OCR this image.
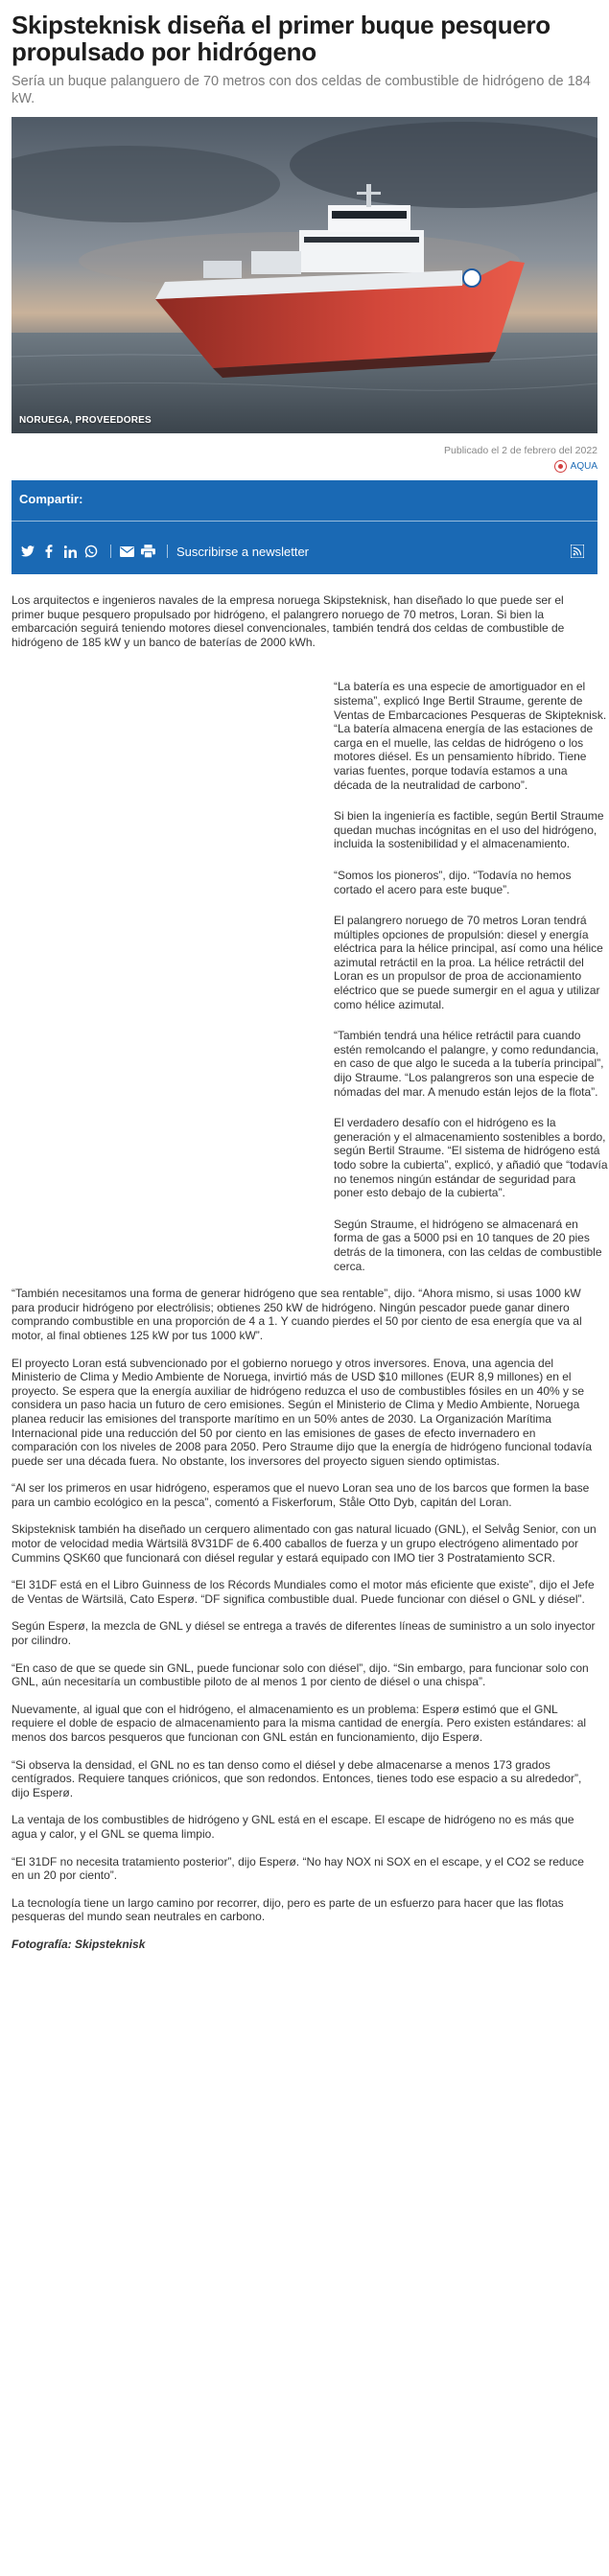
Skipsteknisk diseña el primer buque pesquero propulsado por hidrógeno

Sería un buque palanguero de 70 metros con dos celdas de combustible de hidrógeno de 184 kW.

NORUEGA, PROVEEDORES
Publicado el 2 de febrero del 2022
AQUA
Compartir:
Suscribirse a newsletter

Los arquitectos e ingenieros navales de la empresa noruega Skipsteknisk, han diseñado lo que puede ser el primer buque pesquero propulsado por hidrógeno, el palangrero noruego de 70 metros, Loran. Si bien la embarcación seguirá teniendo motores diesel convencionales, también tendrá dos celdas de combustible de hidrógeno de 185 kW y un banco de baterías de 2000 kWh.

“La batería es una especie de amortiguador en el sistema”, explicó Inge Bertil Straume, gerente de Ventas de Embarcaciones Pesqueras de Skipteknisk. “La batería almacena energía de las estaciones de carga en el muelle, las celdas de hidrógeno o los motores diésel. Es un pensamiento híbrido. Tiene varias fuentes, porque todavía estamos a una década de la neutralidad de carbono”.

Si bien la ingeniería es factible, según Bertil Straume quedan muchas incógnitas en el uso del hidrógeno, incluida la sostenibilidad y el almacenamiento.

“Somos los pioneros”, dijo. “Todavía no hemos cortado el acero para este buque”.

El palangrero noruego de 70 metros Loran tendrá múltiples opciones de propulsión: diesel y energía eléctrica para la hélice principal, así como una hélice azimutal retráctil en la proa. La hélice retráctil del Loran es un propulsor de proa de accionamiento eléctrico que se puede sumergir en el agua y utilizar como hélice azimutal.

“También tendrá una hélice retráctil para cuando estén remolcando el palangre, y como redundancia, en caso de que algo le suceda a la tubería principal”, dijo Straume. “Los palangreros son una especie de nómadas del mar. A menudo están lejos de la flota”.

El verdadero desafío con el hidrógeno es la generación y el almacenamiento sostenibles a bordo, según Bertil Straume. “El sistema de hidrógeno está todo sobre la cubierta”, explicó, y añadió que “todavía no tenemos ningún estándar de seguridad para poner esto debajo de la cubierta”.

Según Straume, el hidrógeno se almacenará en forma de gas a 5000 psi en 10 tanques de 20 pies detrás de la timonera, con las celdas de combustible cerca.

“También necesitamos una forma de generar hidrógeno que sea rentable”, dijo. “Ahora mismo, si usas 1000 kW para producir hidrógeno por electrólisis; obtienes 250 kW de hidrógeno. Ningún pescador puede ganar dinero comprando combustible en una proporción de 4 a 1. Y cuando pierdes el 50 por ciento de esa energía que va al motor, al final obtienes 125 kW por tus 1000 kW”.

El proyecto Loran está subvencionado por el gobierno noruego y otros inversores. Enova, una agencia del Ministerio de Clima y Medio Ambiente de Noruega, invirtió más de USD $10 millones (EUR 8,9 millones) en el proyecto. Se espera que la energía auxiliar de hidrógeno reduzca el uso de combustibles fósiles en un 40% y se considera un paso hacia un futuro de cero emisiones. Según el Ministerio de Clima y Medio Ambiente, Noruega planea reducir las emisiones del transporte marítimo en un 50% antes de 2030. La Organización Marítima Internacional pide una reducción del 50 por ciento en las emisiones de gases de efecto invernadero en comparación con los niveles de 2008 para 2050. Pero Straume dijo que la energía de hidrógeno funcional todavía puede ser una década fuera. No obstante, los inversores del proyecto siguen siendo optimistas.

“Al ser los primeros en usar hidrógeno, esperamos que el nuevo Loran sea uno de los barcos que formen la base para un cambio ecológico en la pesca”, comentó a Fiskerforum, Ståle Otto Dyb, capitán del Loran.

Skipsteknisk también ha diseñado un cerquero alimentado con gas natural licuado (GNL), el Selvåg Senior, con un motor de velocidad media Wärtsilä 8V31DF de 6.400 caballos de fuerza y un grupo electrógeno alimentado por Cummins QSK60 que funcionará con diésel regular y estará equipado con IMO tier 3 Postratamiento SCR.

“El 31DF está en el Libro Guinness de los Récords Mundiales como el motor más eficiente que existe”, dijo el Jefe de Ventas de Wärtsilä, Cato Esperø. “DF significa combustible dual. Puede funcionar con diésel o GNL y diésel”.

Según Esperø, la mezcla de GNL y diésel se entrega a través de diferentes líneas de suministro a un solo inyector por cilindro.

“En caso de que se quede sin GNL, puede funcionar solo con diésel”, dijo. “Sin embargo, para funcionar solo con GNL, aún necesitaría un combustible piloto de al menos 1 por ciento de diésel o una chispa”.

Nuevamente, al igual que con el hidrógeno, el almacenamiento es un problema: Esperø estimó que el GNL requiere el doble de espacio de almacenamiento para la misma cantidad de energía. Pero existen estándares: al menos dos barcos pesqueros que funcionan con GNL están en funcionamiento, dijo Esperø.

“Si observa la densidad, el GNL no es tan denso como el diésel y debe almacenarse a menos 173 grados centígrados. Requiere tanques criónicos, que son redondos. Entonces, tienes todo ese espacio a su alrededor”, dijo Esperø.

La ventaja de los combustibles de hidrógeno y GNL está en el escape. El escape de hidrógeno no es más que agua y calor, y el GNL se quema limpio.

“El 31DF no necesita tratamiento posterior”, dijo Esperø. “No hay NOX ni SOX en el escape, y el CO2 se reduce en un 20 por ciento”.

La tecnología tiene un largo camino por recorrer, dijo, pero es parte de un esfuerzo para hacer que las flotas pesqueras del mundo sean neutrales en carbono.

Fotografía: Skipsteknisk
